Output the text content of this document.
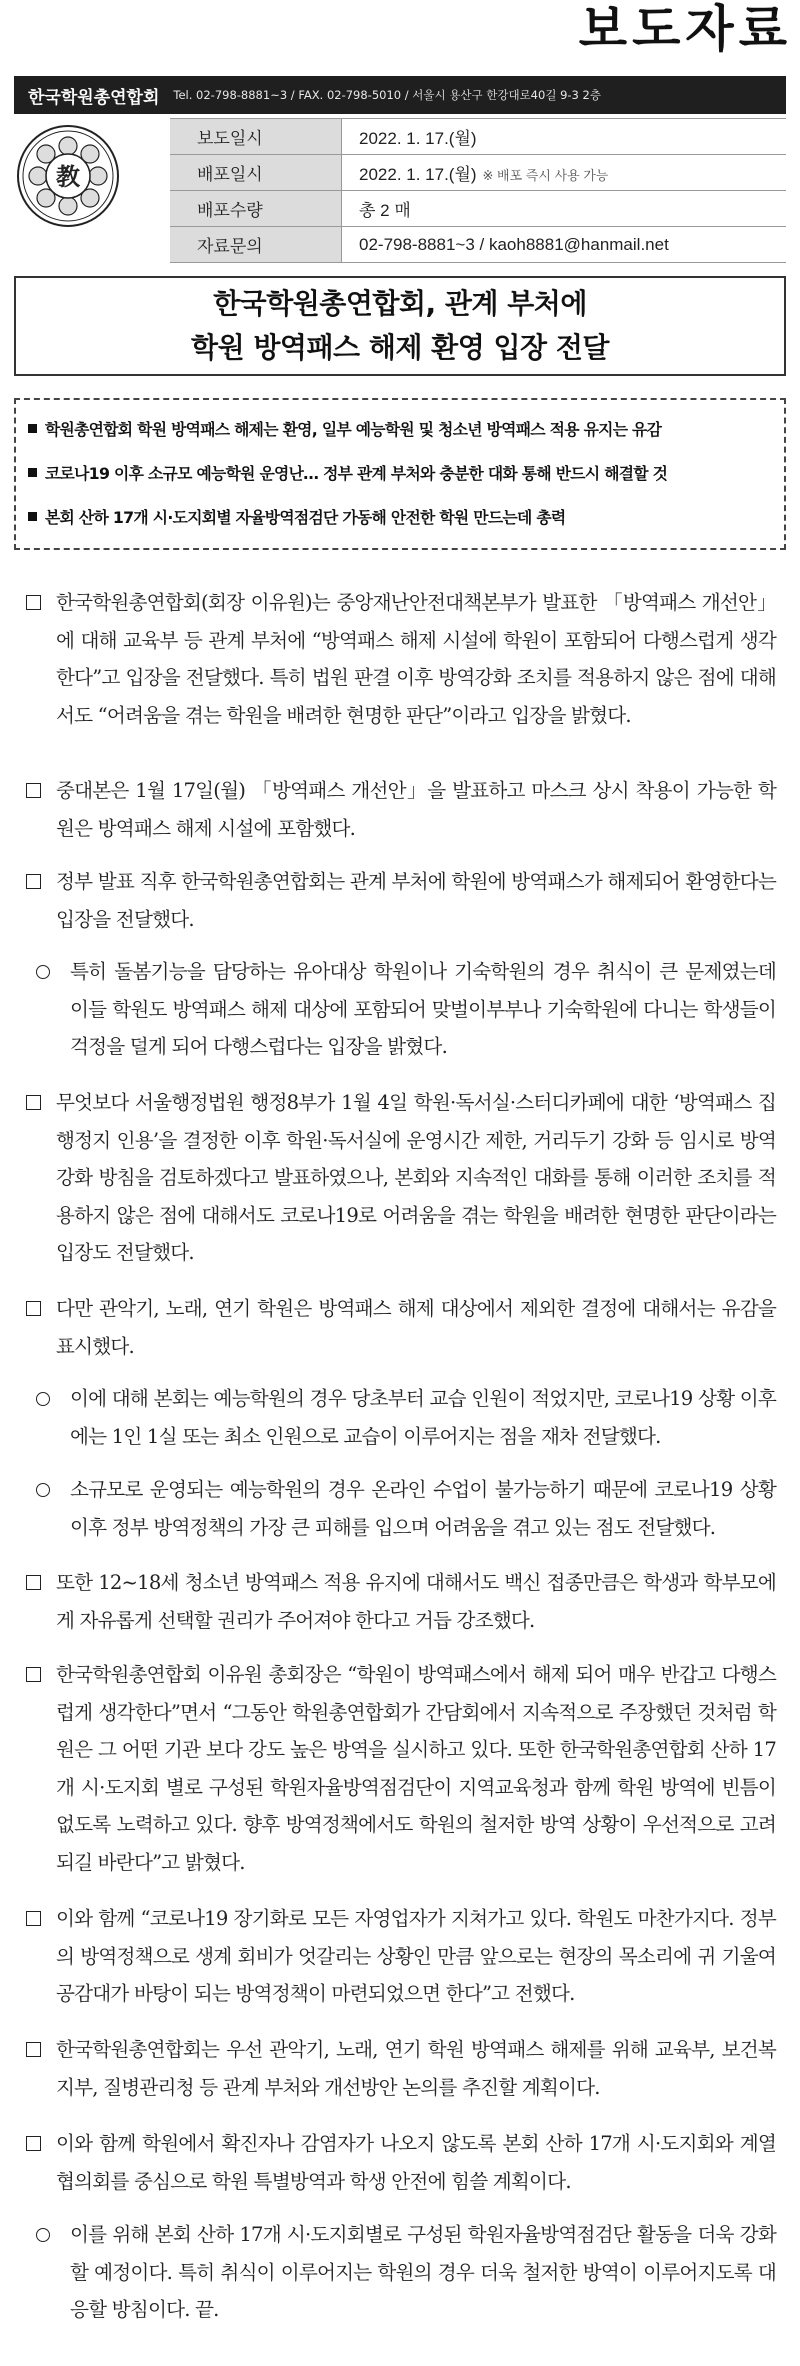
보도자료
한국학원총연합회 Tel. 02-798-8881~3 / FAX. 02-798-5010 / 서울시 용산구 한강대로40길 9-3 2층
教
보도일시	2022. 1. 17.(월)
배포일시	2022. 1. 17.(월) ※ 배포 즉시 사용 가능
배포수량	총 2 매
자료문의	02-798-8881~3 / kaoh8881@hanmail.net
한국학원총연합회, 관계 부처에
학원 방역패스 해제 환영 입장 전달
학원총연합회 학원 방역패스 해제는 환영, 일부 예능학원 및 청소년 방역패스 적용 유지는 유감
코로나19 이후 소규모 예능학원 운영난… 정부 관계 부처와 충분한 대화 통해 반드시 해결할 것
본회 산하 17개 시·도지회별 자율방역점검단 가동해 안전한 학원 만드는데 총력
한국학원총연합회(회장 이유원)는 중앙재난안전대책본부가 발표한 「방역패스 개선안」에 대해 교육부 등 관계 부처에 “방역패스 해제 시설에 학원이 포함되어 다행스럽게 생각한다”고 입장을 전달했다. 특히 법원 판결 이후 방역강화 조치를 적용하지 않은 점에 대해서도 “어려움을 겪는 학원을 배려한 현명한 판단”이라고 입장을 밝혔다.
중대본은 1월 17일(월) 「방역패스 개선안」을 발표하고 마스크 상시 착용이 가능한 학원은 방역패스 해제 시설에 포함했다.
정부 발표 직후 한국학원총연합회는 관계 부처에 학원에 방역패스가 해제되어 환영한다는 입장을 전달했다.
특히 돌봄기능을 담당하는 유아대상 학원이나 기숙학원의 경우 취식이 큰 문제였는데 이들 학원도 방역패스 해제 대상에 포함되어 맞벌이부부나 기숙학원에 다니는 학생들이 걱정을 덜게 되어 다행스럽다는 입장을 밝혔다.
무엇보다 서울행정법원 행정8부가 1월 4일 학원·독서실·스터디카페에 대한 ‘방역패스 집행정지 인용’을 결정한 이후 학원·독서실에 운영시간 제한, 거리두기 강화 등 임시로 방역강화 방침을 검토하겠다고 발표하였으나, 본회와 지속적인 대화를 통해 이러한 조치를 적용하지 않은 점에 대해서도 코로나19로 어려움을 겪는 학원을 배려한 현명한 판단이라는 입장도 전달했다.
다만 관악기, 노래, 연기 학원은 방역패스 해제 대상에서 제외한 결정에 대해서는 유감을 표시했다.
이에 대해 본회는 예능학원의 경우 당초부터 교습 인원이 적었지만, 코로나19 상황 이후에는 1인 1실 또는 최소 인원으로 교습이 이루어지는 점을 재차 전달했다.
소규모로 운영되는 예능학원의 경우 온라인 수업이 불가능하기 때문에 코로나19 상황 이후 정부 방역정책의 가장 큰 피해를 입으며 어려움을 겪고 있는 점도 전달했다.
또한 12~18세 청소년 방역패스 적용 유지에 대해서도 백신 접종만큼은 학생과 학부모에게 자유롭게 선택할 권리가 주어져야 한다고 거듭 강조했다.
한국학원총연합회 이유원 총회장은 “학원이 방역패스에서 해제 되어 매우 반갑고 다행스럽게 생각한다”면서 “그동안 학원총연합회가 간담회에서 지속적으로 주장했던 것처럼 학원은 그 어떤 기관 보다 강도 높은 방역을 실시하고 있다. 또한 한국학원총연합회 산하 17개 시·도지회 별로 구성된 학원자율방역점검단이 지역교육청과 함께 학원 방역에 빈틈이 없도록 노력하고 있다. 향후 방역정책에서도 학원의 철저한 방역 상황이 우선적으로 고려되길 바란다”고 밝혔다.
이와 함께 “코로나19 장기화로 모든 자영업자가 지쳐가고 있다. 학원도 마찬가지다. 정부의 방역정책으로 생계 회비가 엇갈리는 상황인 만큼 앞으로는 현장의 목소리에 귀 기울여 공감대가 바탕이 되는 방역정책이 마련되었으면 한다”고 전했다.
한국학원총연합회는 우선 관악기, 노래, 연기 학원 방역패스 해제를 위해 교육부, 보건복지부, 질병관리청 등 관계 부처와 개선방안 논의를 추진할 계획이다.
이와 함께 학원에서 확진자나 감염자가 나오지 않도록 본회 산하 17개 시·도지회와 계열협의회를 중심으로 학원 특별방역과 학생 안전에 힘쓸 계획이다.
이를 위해 본회 산하 17개 시·도지회별로 구성된 학원자율방역점검단 활동을 더욱 강화할 예정이다. 특히 취식이 이루어지는 학원의 경우 더욱 철저한 방역이 이루어지도록 대응할 방침이다. 끝.
